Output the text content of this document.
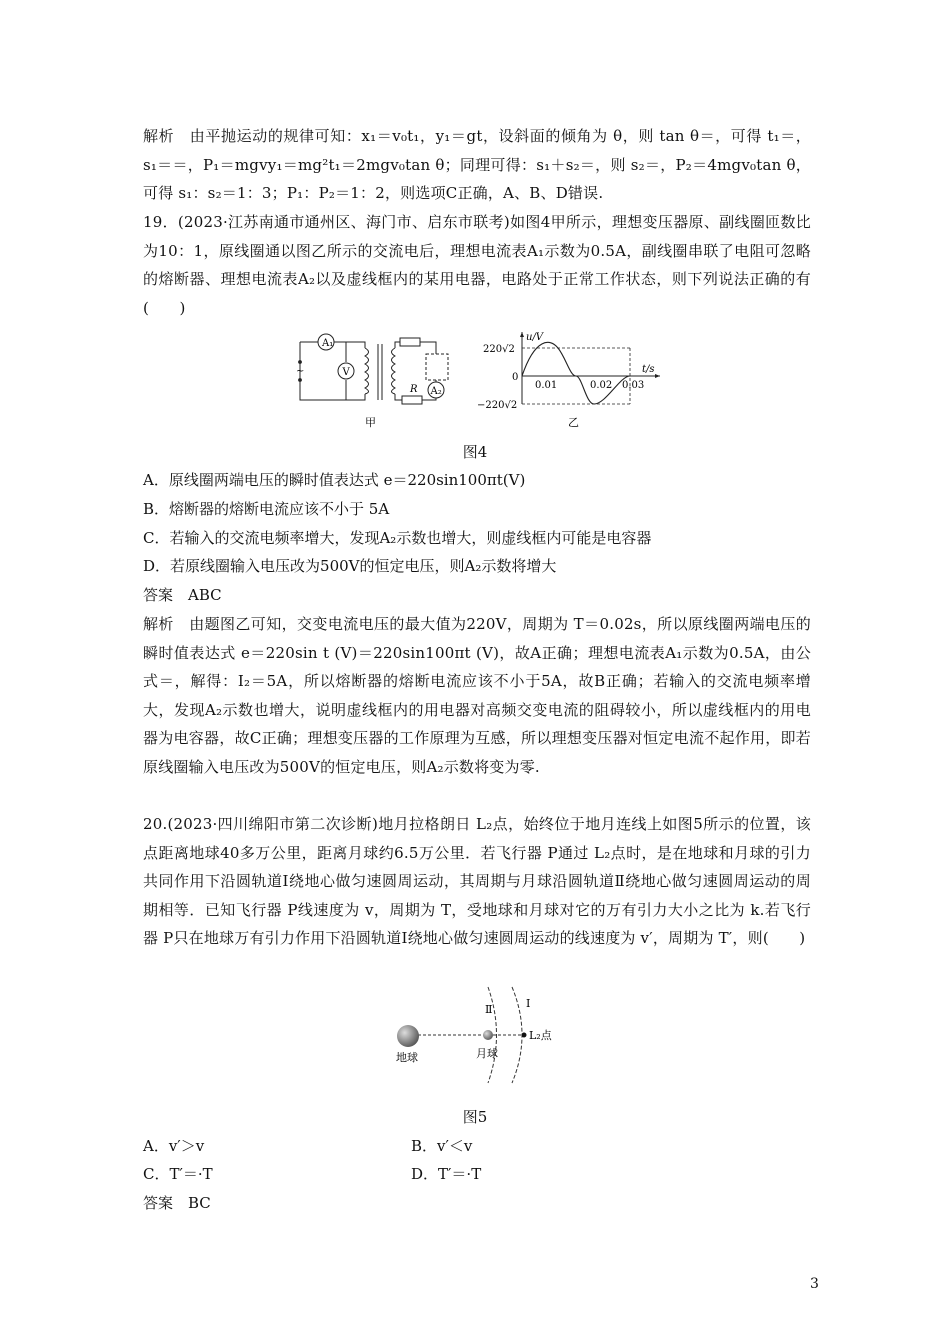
解析　由平抛运动的规律可知：x₁＝v₀t₁，y₁＝gt，设斜面的倾角为 θ，则 tan θ＝，可得 t₁＝， s₁＝＝，P₁＝mgvy₁＝mg²t₁＝2mgv₀tan θ；同理可得：s₁＋s₂＝，则 s₂＝，P₂＝4mgv₀tan θ，可得 s₁：s₂＝1：3；P₁：P₂＝1：2，则选项C正确，A、B、D错误.
19．(2023·江苏南通市通州区、海门市、启东市联考)如图4甲所示，理想变压器原、副线圈匝数比为10：1，原线圈通以图乙所示的交流电后，理想电流表A₁示数为0.5A，副线圈串联了电阻可忽略的熔断器、理想电流表A₂以及虚线框内的某用电器，电路处于正常工作状态，则下列说法正确的有(　　)
A₁
V
~
A₂
R
甲
u/V
t/s
220√2
−220√2
0
0.01	0.02 0.03
乙
图4
A．原线圈两端电压的瞬时值表达式 e＝220sin100πt(V)
B．熔断器的熔断电流应该不小于 5A
C．若输入的交流电频率增大，发现A₂示数也增大，则虚线框内可能是电容器
D．若原线圈输入电压改为500V的恒定电压，则A₂示数将增大
答案　ABC
解析　由题图乙可知，交变电流电压的最大值为220V，周期为 T＝0.02s，所以原线圈两端电压的瞬时值表达式 e＝220sin t (V)＝220sin100πt (V)，故A正确；理想电流表A₁示数为0.5A，由公式＝，解得：I₂＝5A，所以熔断器的熔断电流应该不小于5A，故B正确；若输入的交流电频率增大，发现A₂示数也增大，说明虚线框内的用电器对高频交变电流的阻碍较小，所以虚线框内的用电器为电容器，故C正确；理想变压器的工作原理为互感，所以理想变压器对恒定电流不起作用，即若原线圈输入电压改为500V的恒定电压，则A₂示数将变为零.
20.(2023·四川绵阳市第二次诊断)地月拉格朗日 L₂点，始终位于地月连线上如图5所示的位置，该点距离地球40多万公里，距离月球约6.5万公里．若飞行器 P通过 L₂点时，是在地球和月球的引力共同作用下沿圆轨道Ⅰ绕地心做匀速圆周运动，其周期与月球沿圆轨道Ⅱ绕地心做匀速圆周运动的周期相等．已知飞行器 P线速度为 v，周期为 T，受地球和月球对它的万有引力大小之比为 k.若飞行器 P只在地球万有引力作用下沿圆轨道Ⅰ绕地心做匀速圆周运动的线速度为 v′，周期为 T′，则(　　)
地球	月球
L₂点
Ⅱ	Ⅰ
图5
A．v′＞v	B．v′＜v
C．T′＝·T	D．T′＝·T
答案　BC
3
